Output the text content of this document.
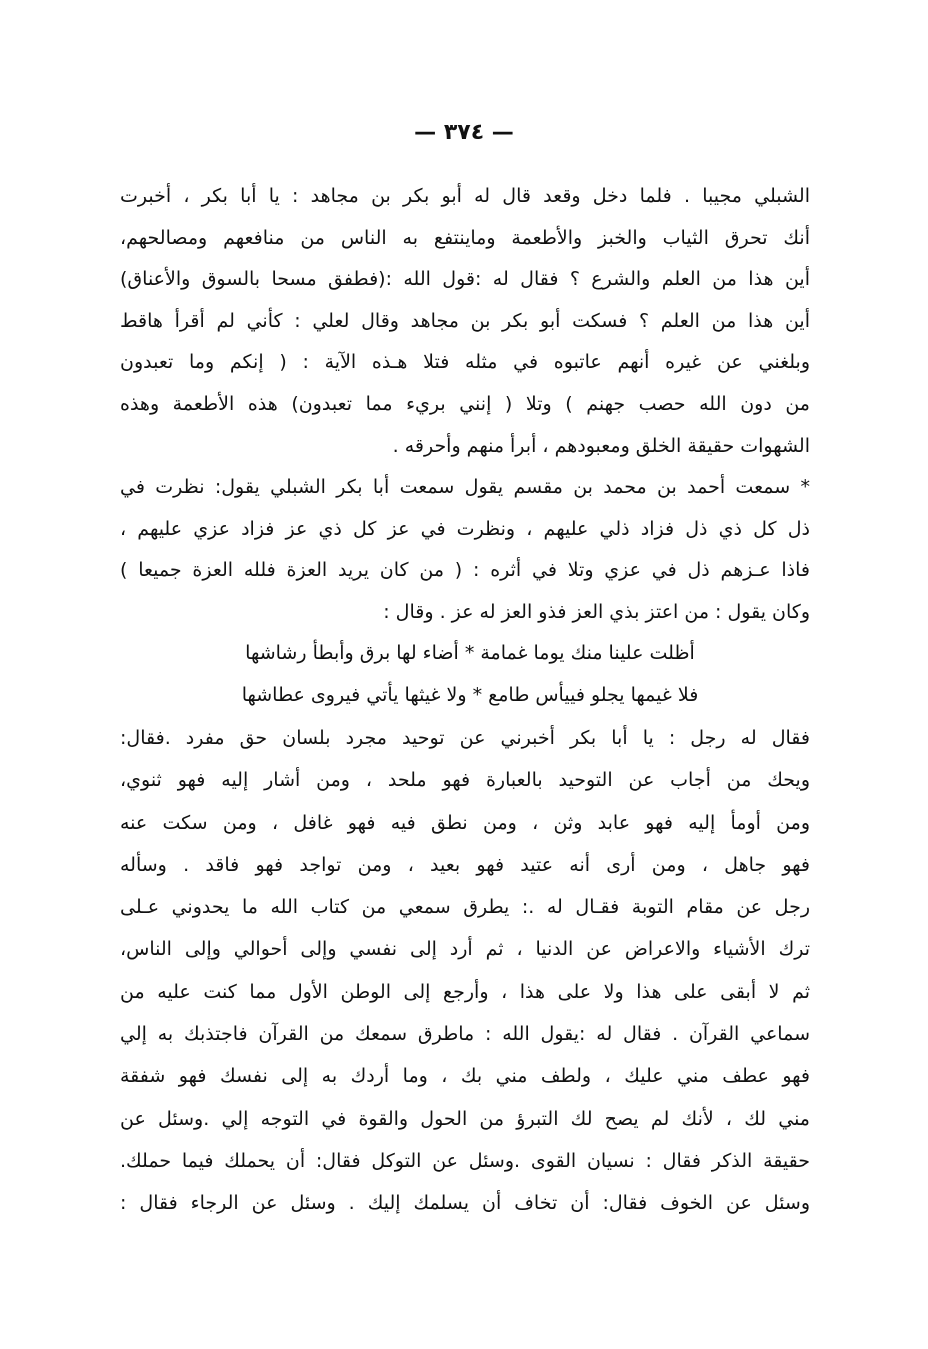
— ٣٧٤ —
الشبلي مجيبا . فلما دخل وقعد قال له أبو بكر بن مجاهد : يا أبا بكر ، أخبرت
أنك تحرق الثياب والخبز والأطعمة وماينتفع به الناس من منافعهم ومصالحهم،
أين هذا من العلم والشرع ؟ فقال له :قول الله :(فطفق مسحا بالسوق والأعناق)
أين هذا من العلم ؟ فسكت أبو بكر بن مجاهد وقال لعلي : كأني لم أقرأ هاقط
وبلغني عن غيره أنهم عاتبوه في مثله فتلا هـذه الآية : ( إنكم وما تعبدون
من دون الله حصب جهنم ) وتلا ( إنني بريء مما تعبدون) هذه الأطعمة وهذه
الشهوات حقيقة الخلق ومعبودهم ، أبرأ منهم وأحرقه .
* سمعت أحمد بن محمد بن مقسم يقول سمعت أبا بكر الشبلي يقول: نظرت في
ذل كل ذي ذل فزاد ذلي عليهم ، ونظرت في عز كل ذي عز فزاد عزي عليهم ،
فاذا عـزهم ذل في عزي وتلا في أثره : ( من كان يريد العزة فلله العزة جميعا )
وكان يقول : من اعتز بذي العز فذو العز له عز . وقال :
أظلت علينا منك يوما غمامة * أضاء لها برق وأبطأ رشاشها
فلا غيمها يجلو فييأس طامع * ولا غيثها يأتي فيروى عطاشها
فقال له رجل : يا أبا بكر أخبرني عن توحيد مجرد بلسان حق مفرد .فقال:
ويحك من أجاب عن التوحيد بالعبارة فهو ملحد ، ومن أشار إليه فهو ثنوي،
ومن أومأ إليه فهو عابد وثن ، ومن نطق فيه فهو غافل ، ومن سكت عنه
فهو جاهل ، ومن أرى أنه عتيد فهو بعيد ، ومن تواجد فهو فاقد . وسأله
رجل عن مقام التوبة فقـال له .: يطرق سمعي من كتاب الله ما يحدوني عـلى
ترك الأشياء والاعراض عن الدنيا ، ثم أرد إلى نفسي وإلى أحوالي وإلى الناس،
ثم لا أبقى على هذا ولا على هذا ، وأرجع إلى الوطن الأول مما كنت عليه من
سماعي القرآن . فقال له :يقول الله : ماطرق سمعك من القرآن فاجتذبك به إلي
فهو عطف مني عليك ، ولطف مني بك ، وما أردك به إلى نفسك فهو شفقة
مني لك ، لأنك لم يصح لك التبرؤ من الحول والقوة في التوجه إلي .وسئل عن
حقيقة الذكر فقال : نسيان القوى .وسئل عن التوكل فقال: أن يحملك فيما حملك.
وسئل عن الخوف فقال: أن تخاف أن يسلمك إليك . وسئل عن الرجاء فقال :
